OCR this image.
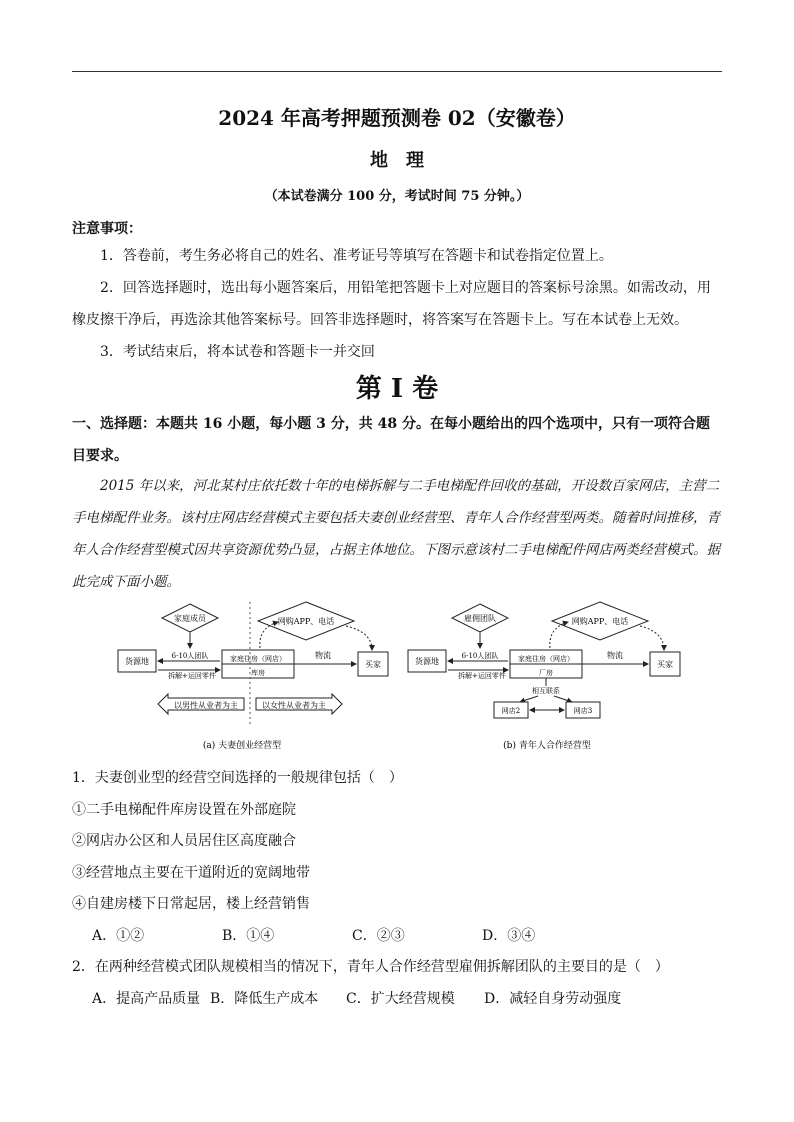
2024 年高考押题预测卷 02（安徽卷）
地理
（本试卷满分 100 分，考试时间 75 分钟。）
注意事项：
1．答卷前，考生务必将自己的姓名、准考证号等填写在答题卡和试卷指定位置上。
2．回答选择题时，选出每小题答案后，用铅笔把答题卡上对应题目的答案标号涂黑。如需改动，用橡皮擦干净后，再选涂其他答案标号。回答非选择题时，将答案写在答题卡上。写在本试卷上无效。
3．考试结束后，将本试卷和答题卡一并交回
第 I 卷
一、选择题：本题共 16 小题，每小题 3 分，共 48 分。在每小题给出的四个选项中，只有一项符合题目要求。
2015 年以来，河北某村庄依托数十年的电梯拆解与二手电梯配件回收的基础，开设数百家网店，主营二手电梯配件业务。该村庄网店经营模式主要包括夫妻创业经营型、青年人合作经营型两类。随着时间推移，青年人合作经营型模式因共享资源优势凸显，占据主体地位。下图示意该村二手电梯配件网店两类经营模式。据此完成下面小题。
家庭成员	网购APP、电话
货源地
6-10人团队
拆解+运回零件
家庭住房（网店）
库房
物流
买家
以男性从业者为主	以女性从业者为主
(a) 夫妻创业经营型
雇佣团队	网购APP、电话
货源地
6-10人团队
拆解+运回零件
家庭住房（网店）
厂房
物流
买家
相互联系
网店2	网店3
(b) 青年人合作经营型
1．夫妻创业型的经营空间选择的一般规律包括（　）
①二手电梯配件库房设置在外部庭院
②网店办公区和人员居住区高度融合
③经营地点主要在干道附近的宽阔地带
④自建房楼下日常起居，楼上经营销售
A．①②	B．①④	C．②③	D．③④
2．在两种经营模式团队规模相当的情况下，青年人合作经营型雇佣拆解团队的主要目的是（　）
A．提高产品质量 B．降低生产成本	C．扩大经营规模	D．减轻自身劳动强度
